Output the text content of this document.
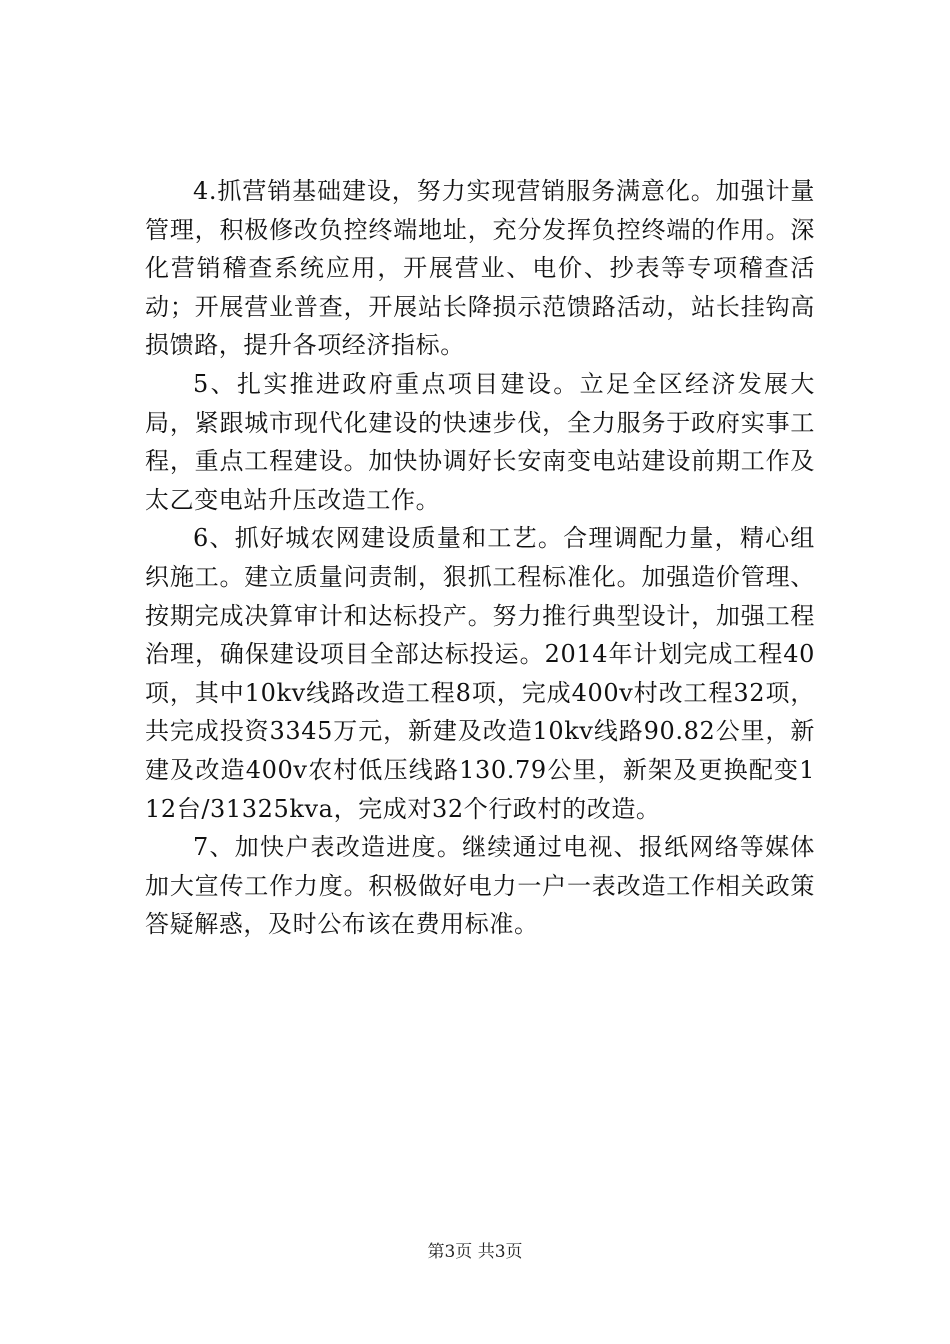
4.抓营销基础建设，努力实现营销服务满意化。加强计量管理，积极修改负控终端地址，充分发挥负控终端的作用。深化营销稽查系统应用，开展营业、电价、抄表等专项稽查活动；开展营业普查，开展站长降损示范馈路活动，站长挂钩高损馈路，提升各项经济指标。

5、扎实推进政府重点项目建设。立足全区经济发展大局，紧跟城市现代化建设的快速步伐，全力服务于政府实事工程，重点工程建设。加快协调好长安南变电站建设前期工作及太乙变电站升压改造工作。

6、抓好城农网建设质量和工艺。合理调配力量，精心组织施工。建立质量问责制，狠抓工程标准化。加强造价管理、按期完成决算审计和达标投产。努力推行典型设计，加强工程治理，确保建设项目全部达标投运。2014年计划完成工程40项，其中10kv线路改造工程8项，完成400v村改工程32项，共完成投资3345万元，新建及改造10kv线路90.82公里，新建及改造400v农村低压线路130.79公里，新架及更换配变112台/31325kva，完成对32个行政村的改造。

7、加快户表改造进度。继续通过电视、报纸网络等媒体加大宣传工作力度。积极做好电力一户一表改造工作相关政策答疑解惑，及时公布该在费用标准。

第3页 共3页
